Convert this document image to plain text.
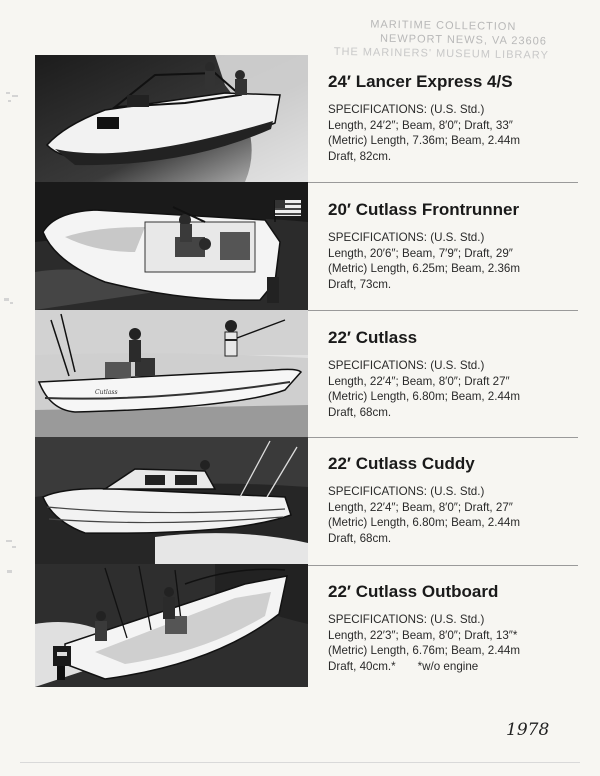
MARITIME COLLECTION
NEWPORT NEWS, VA 23606
THE MARINERS' MUSEUM LIBRARY
Cutlass
24′ Lancer Express 4/S
SPECIFICATIONS: (U.S. Std.)
Length, 24′2″; Beam, 8′0″; Draft, 33″
(Metric) Length, 7.36m; Beam, 2.44m
Draft, 82cm.
20′ Cutlass Frontrunner
SPECIFICATIONS: (U.S. Std.)
Length, 20′6″; Beam, 7′9″; Draft, 29″
(Metric) Length, 6.25m; Beam, 2.36m
Draft, 73cm.
22′ Cutlass
SPECIFICATIONS: (U.S. Std.)
Length, 22′4″; Beam, 8′0″; Draft 27″
(Metric) Length, 6.80m; Beam, 2.44m
Draft, 68cm.
22′ Cutlass Cuddy
SPECIFICATIONS: (U.S. Std.)
Length, 22′4″; Beam, 8′0″; Draft, 27″
(Metric) Length, 6.80m; Beam, 2.44m
Draft, 68cm.
22′ Cutlass Outboard
SPECIFICATIONS: (U.S. Std.)
Length, 22′3″; Beam, 8′0″; Draft, 13″*
(Metric) Length, 6.76m; Beam, 2.44m
Draft, 40cm.* *w/o engine
1978
